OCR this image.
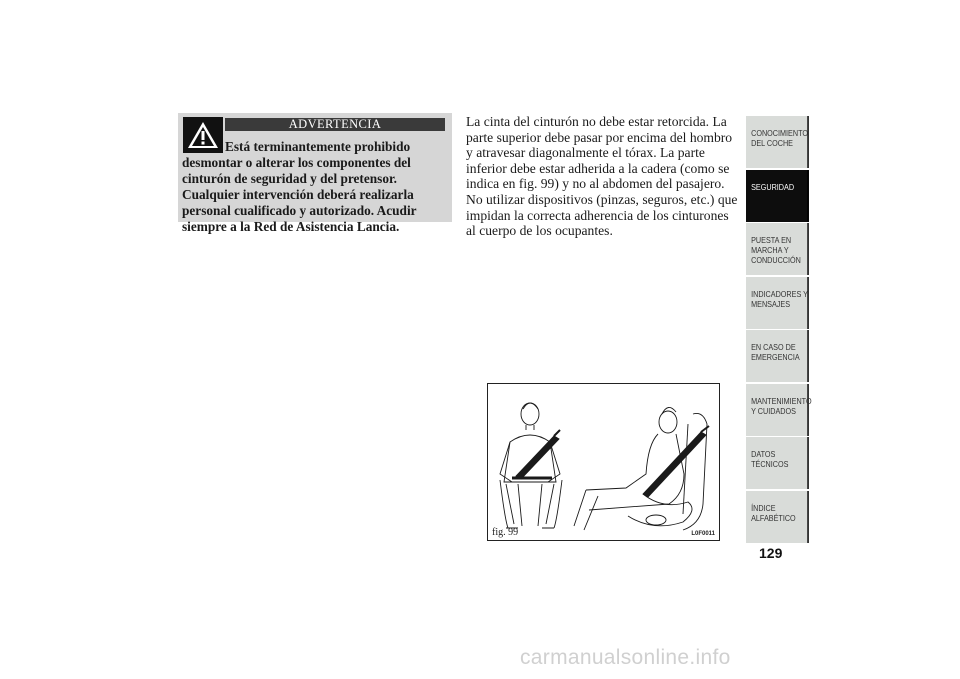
ADVERTENCIA

Está terminantemente prohibido desmontar o alterar los componentes del cinturón de seguridad y del pretensor. Cualquier intervención deberá realizarla personal cualificado y autorizado. Acudir siempre a la Red de Asistencia Lancia.

La cinta del cinturón no debe estar retorcida. La parte superior debe pasar por encima del hombro y atravesar diagonalmente el tórax. La parte inferior debe estar adherida a la cadera (como se indica en fig. 99) y no al abdomen del pasajero. No utilizar dispositivos (pinzas, seguros, etc.) que impidan la correcta adherencia de los cinturones al cuerpo de los ocupantes.

fig. 99	L0F0011
CONOCIMIENTO DEL COCHE
SEGURIDAD
PUESTA EN MARCHA Y CONDUCCIÓN
INDICADORES Y MENSAJES
EN CASO DE EMERGENCIA
MANTENIMIENTO Y CUIDADOS
DATOS TÉCNICOS
ÍNDICE ALFABÉTICO
129
carmanualsonline.info
